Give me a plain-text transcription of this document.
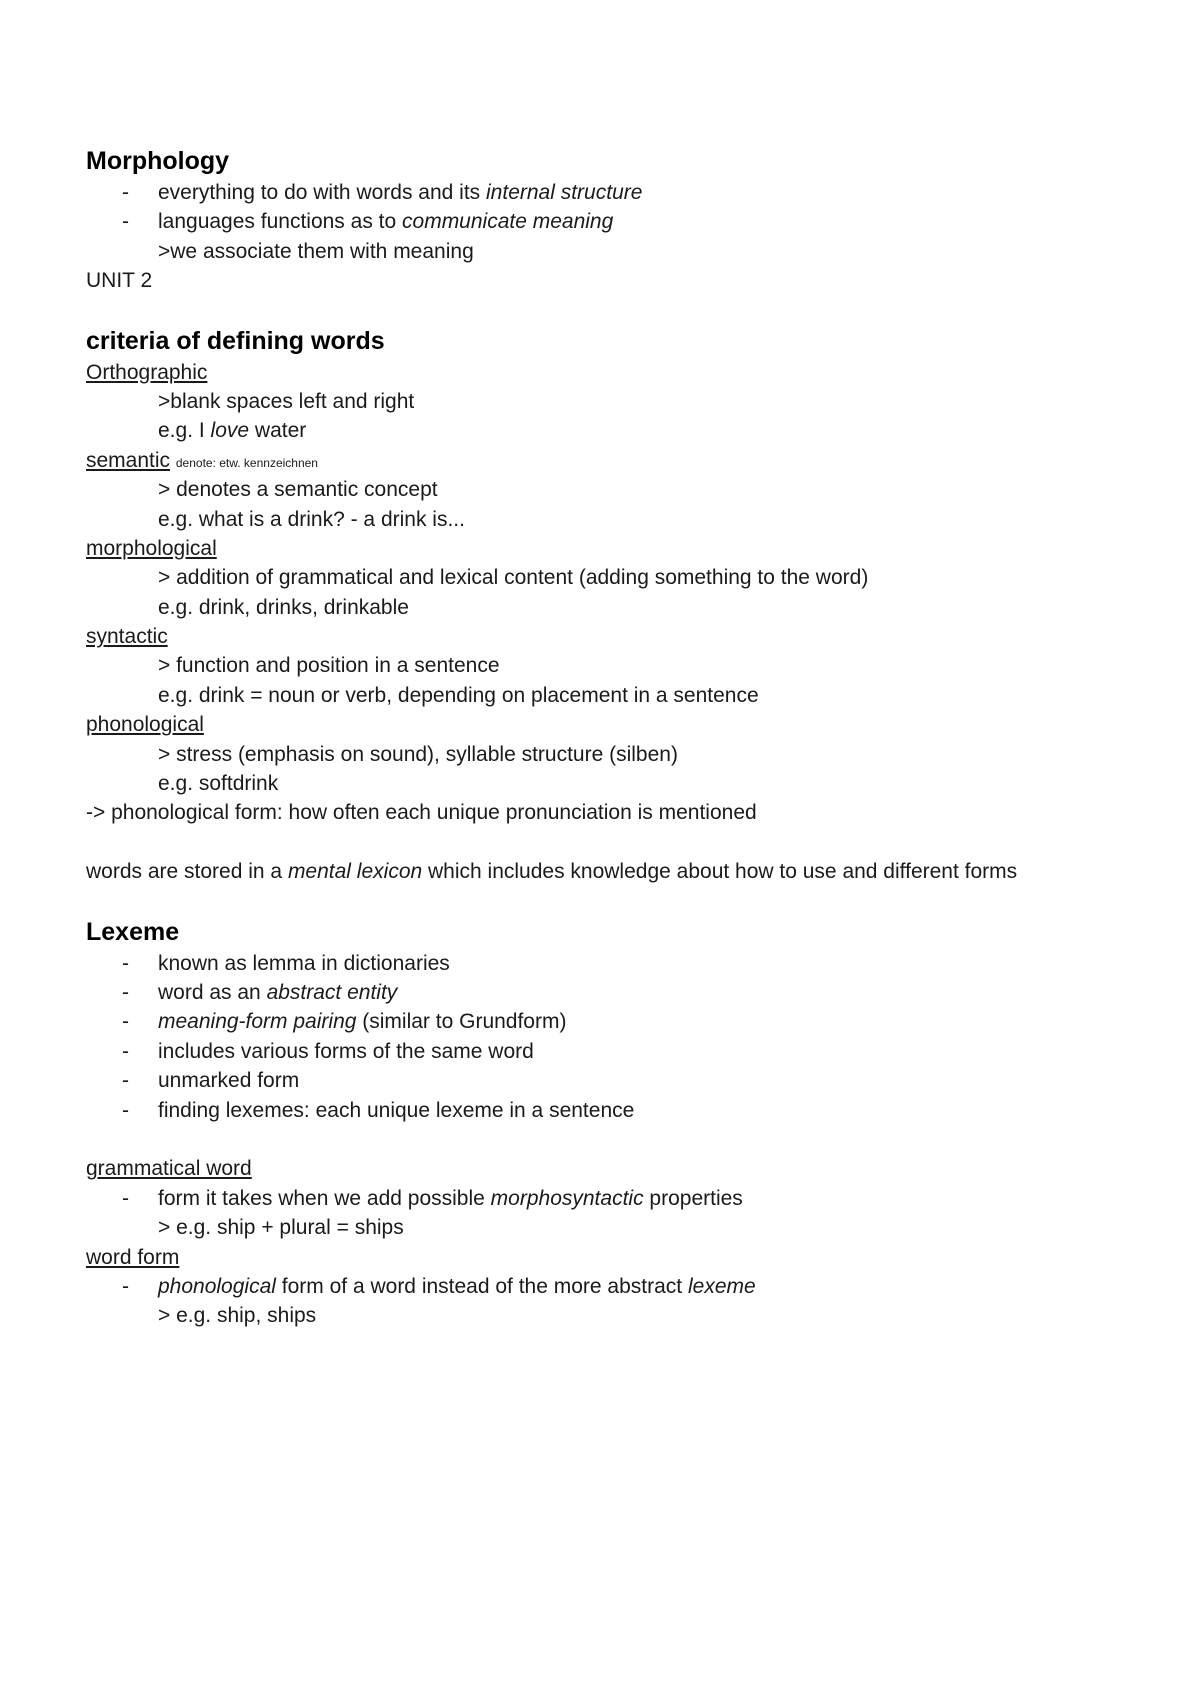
Morphology
- everything to do with words and its internal structure
- languages functions as to communicate meaning
>we associate them with meaning
UNIT 2
criteria of defining words
Orthographic
>blank spaces left and right
e.g. I love water
semantic denote: etw. kennzeichnen
> denotes a semantic concept
e.g. what is a drink? - a drink is...
morphological
> addition of grammatical and lexical content (adding something to the word)
e.g. drink, drinks, drinkable
syntactic
> function and position in a sentence
e.g. drink = noun or verb, depending on placement in a sentence
phonological
> stress (emphasis on sound), syllable structure (silben)
e.g. softdrink
-> phonological form: how often each unique pronunciation is mentioned
words are stored in a mental lexicon which includes knowledge about how to use and different forms
Lexeme
- known as lemma in dictionaries
- word as an abstract entity
- meaning-form pairing (similar to Grundform)
- includes various forms of the same word
- unmarked form
- finding lexemes: each unique lexeme in a sentence
grammatical word
- form it takes when we add possible morphosyntactic properties
> e.g. ship + plural = ships
word form
- phonological form of a word instead of the more abstract lexeme
> e.g. ship, ships
